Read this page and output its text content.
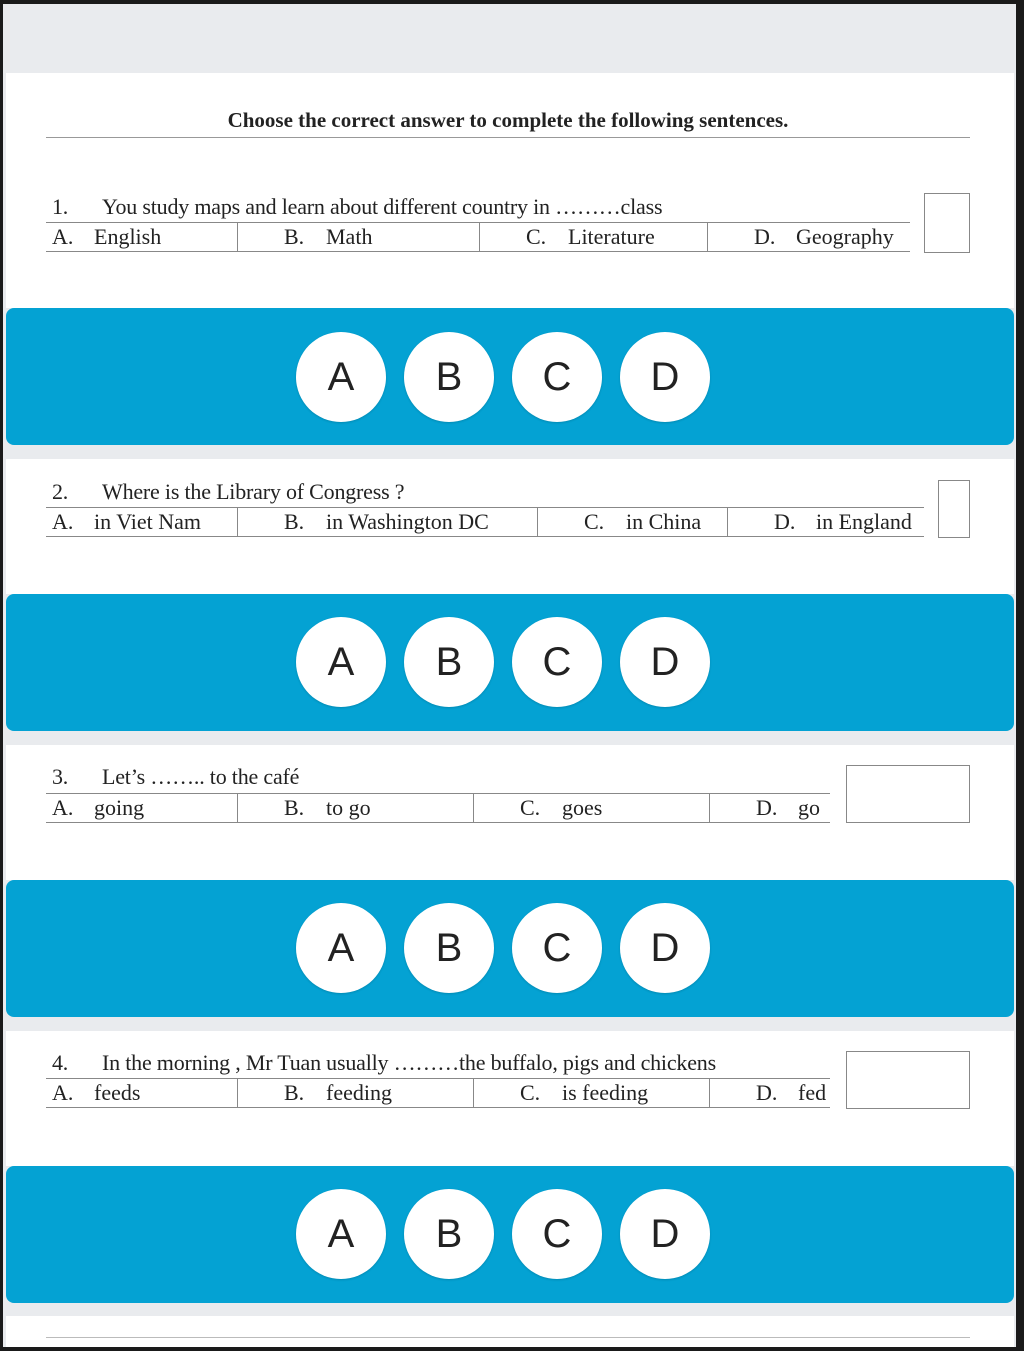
Choose the correct answer to complete the following sentences.
1. You study maps and learn about different country in ………class
A. English	B. Math	C. Literature	D. Geography
A	B	C	D
2. Where is the Library of Congress ?
A. in Viet Nam	B. in Washington DC	C. in China	D. in England
A	B	C	D
3. Let’s …….. to the café
A. going	B. to go	C. goes	D. go
A	B	C	D
4. In the morning , Mr Tuan usually ………the buffalo, pigs and chickens
A. feeds	B. feeding	C. is feeding	D. fed
A	B	C	D
